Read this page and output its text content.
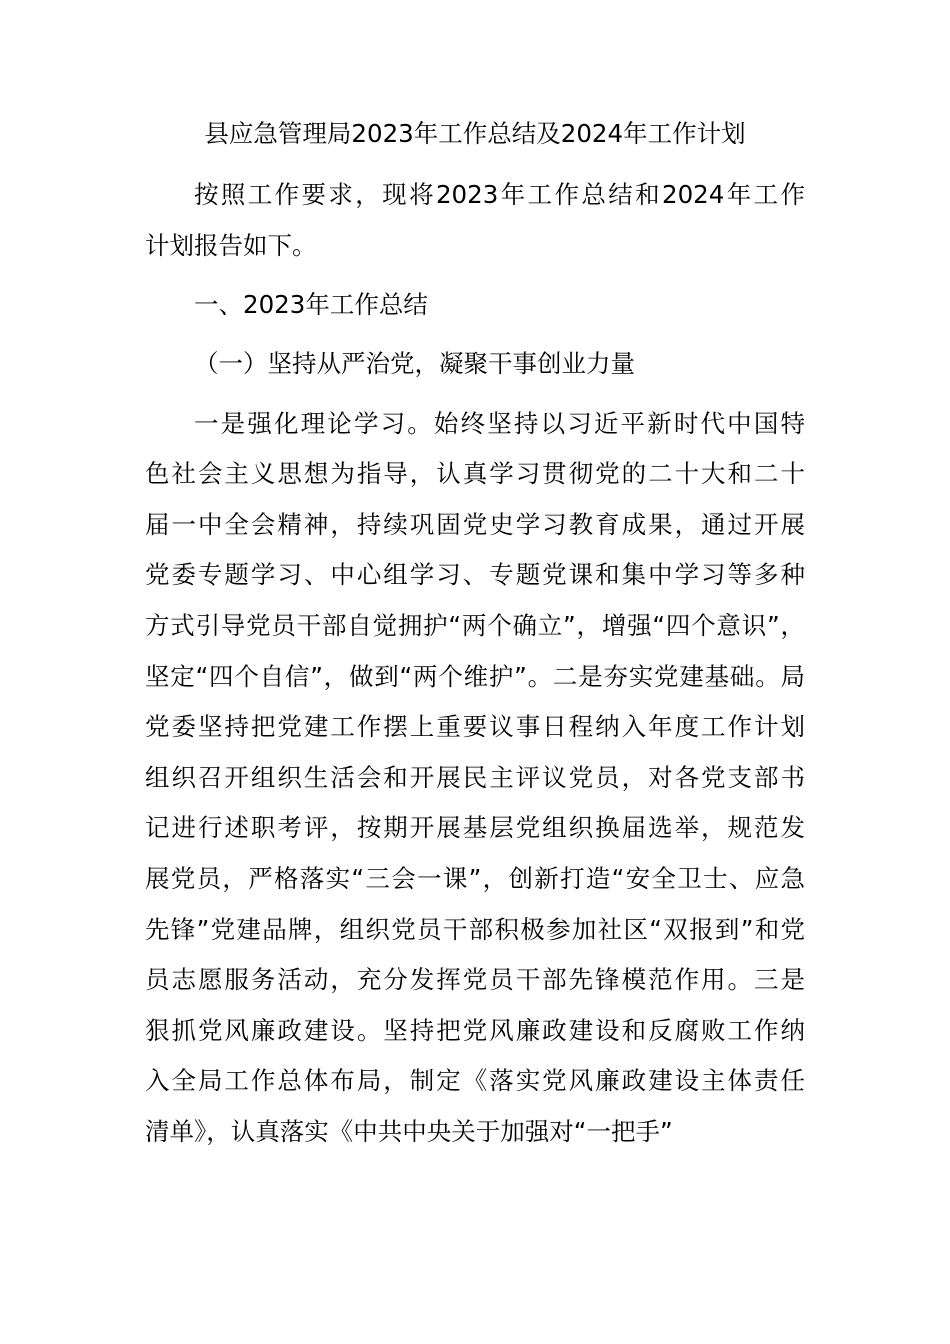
县应急管理局2023年工作总结及2024年工作计划
按照工作要求，现将2023年工作总结和2024年工作
计划报告如下。
一、2023年工作总结
（一）坚持从严治党，凝聚干事创业力量
一是强化理论学习。始终坚持以习近平新时代中国特
色社会主义思想为指导，认真学习贯彻党的二十大和二十
届一中全会精神，持续巩固党史学习教育成果，通过开展
党委专题学习、中心组学习、专题党课和集中学习等多种
方式引导党员干部自觉拥护“两个确立”，增强“四个意识”，
坚定“四个自信”，做到“两个维护”。二是夯实党建基础。局
党委坚持把党建工作摆上重要议事日程纳入年度工作计划
组织召开组织生活会和开展民主评议党员，对各党支部书
记进行述职考评，按期开展基层党组织换届选举，规范发
展党员，严格落实“三会一课”，创新打造“安全卫士、应急
先锋”党建品牌，组织党员干部积极参加社区“双报到”和党
员志愿服务活动，充分发挥党员干部先锋模范作用。三是
狠抓党风廉政建设。坚持把党风廉政建设和反腐败工作纳
入全局工作总体布局，制定《落实党风廉政建设主体责任
清单》，认真落实《中共中央关于加强对“一把手”
